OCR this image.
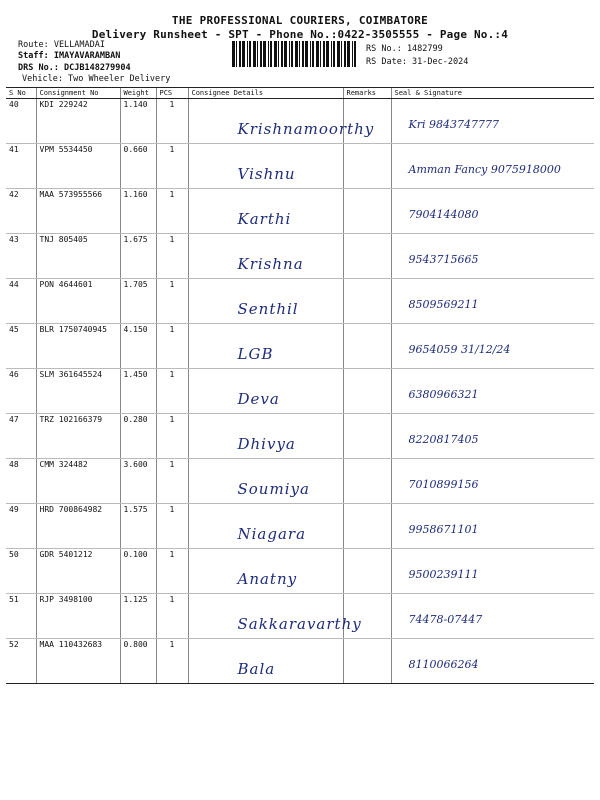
THE PROFESSIONAL COURIERS, COIMBATORE
Delivery Runsheet - SPT - Phone No.:0422-3505555 - Page No.:4
Route: VELLAMADAI
Staff: IMAYAVARAMBAN
DRS No.: DCJB148279904
Vehicle: Two Wheeler Delivery
RS No.: 1482799
RS Date: 31-Dec-2024
S No	Consignment No	Weight	PCS	Consignee Details	Remarks	Seal & Signature
40	KDI 229242	1.140	1	Krishnamoorthy		Kri 9843747777
41	VPM 5534450	0.660	1	Vishnu		Amman Fancy 9075918000
42	MAA 573955566	1.160	1	Karthi		7904144080
43	TNJ 805405	1.675	1	Krishna		9543715665
44	PON 4644601	1.705	1	Senthil		8509569211
45	BLR 1750740945	4.150	1	LGB		9654059 31/12/24
46	SLM 361645524	1.450	1	Deva		6380966321
47	TRZ 102166379	0.280	1	Dhivya		8220817405
48	CMM 324482	3.600	1	Soumiya		7010899156
49	HRD 700864982	1.575	1	Niagara		9958671101
50	GDR 5401212	0.100	1	Anatny		9500239111
51	RJP 3498100	1.125	1	Sakkaravarthy		74478-07447
52	MAA 110432683	0.800	1	Bala		8110066264
